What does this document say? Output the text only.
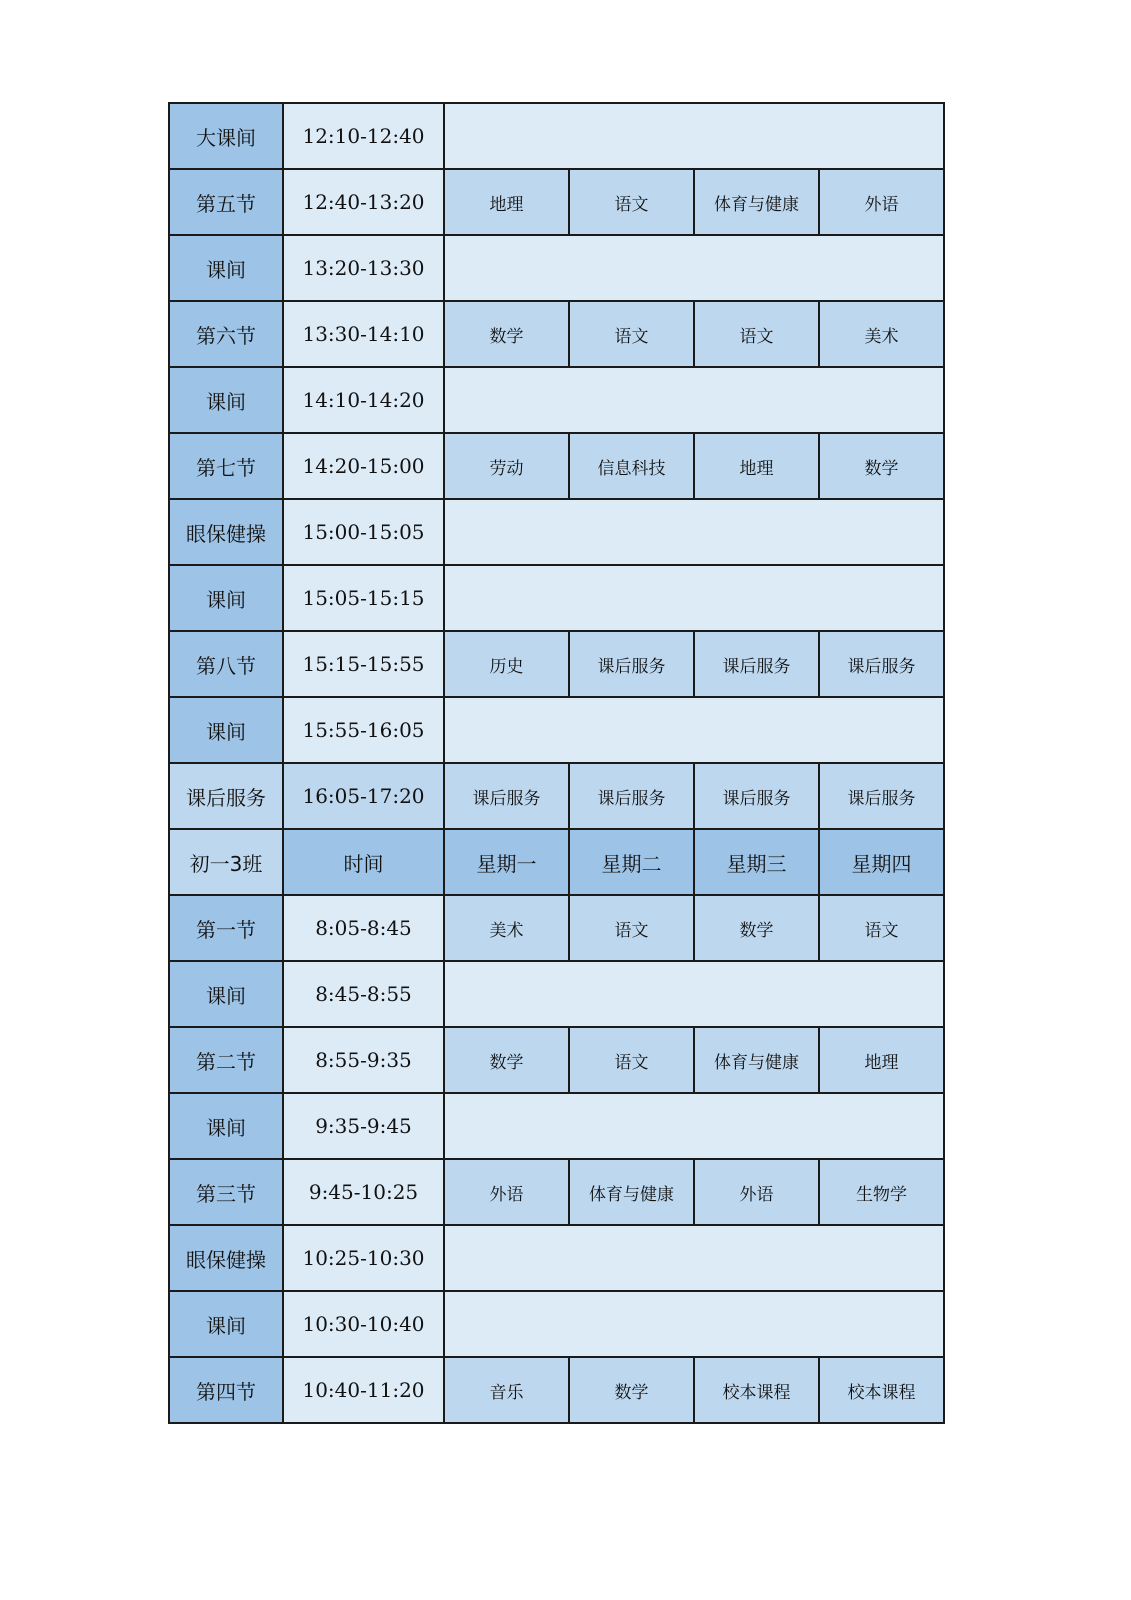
大课间	12:10-12:40				
第五节	12:40-13:20	地理	语文	体育与健康	外语
课间	13:20-13:30				
第六节	13:30-14:10	数学	语文	语文	美术
课间	14:10-14:20				
第七节	14:20-15:00	劳动	信息科技	地理	数学
眼保健操	15:00-15:05				
课间	15:05-15:15				
第八节	15:15-15:55	历史	课后服务	课后服务	课后服务
课间	15:55-16:05				
课后服务	16:05-17:20	课后服务	课后服务	课后服务	课后服务
初一3班	时间	星期一	星期二	星期三	星期四
第一节	8:05-8:45	美术	语文	数学	语文
课间	8:45-8:55				
第二节	8:55-9:35	数学	语文	体育与健康	地理
课间	9:35-9:45				
第三节	9:45-10:25	外语	体育与健康	外语	生物学
眼保健操	10:25-10:30				
课间	10:30-10:40				
第四节	10:40-11:20	音乐	数学	校本课程	校本课程
